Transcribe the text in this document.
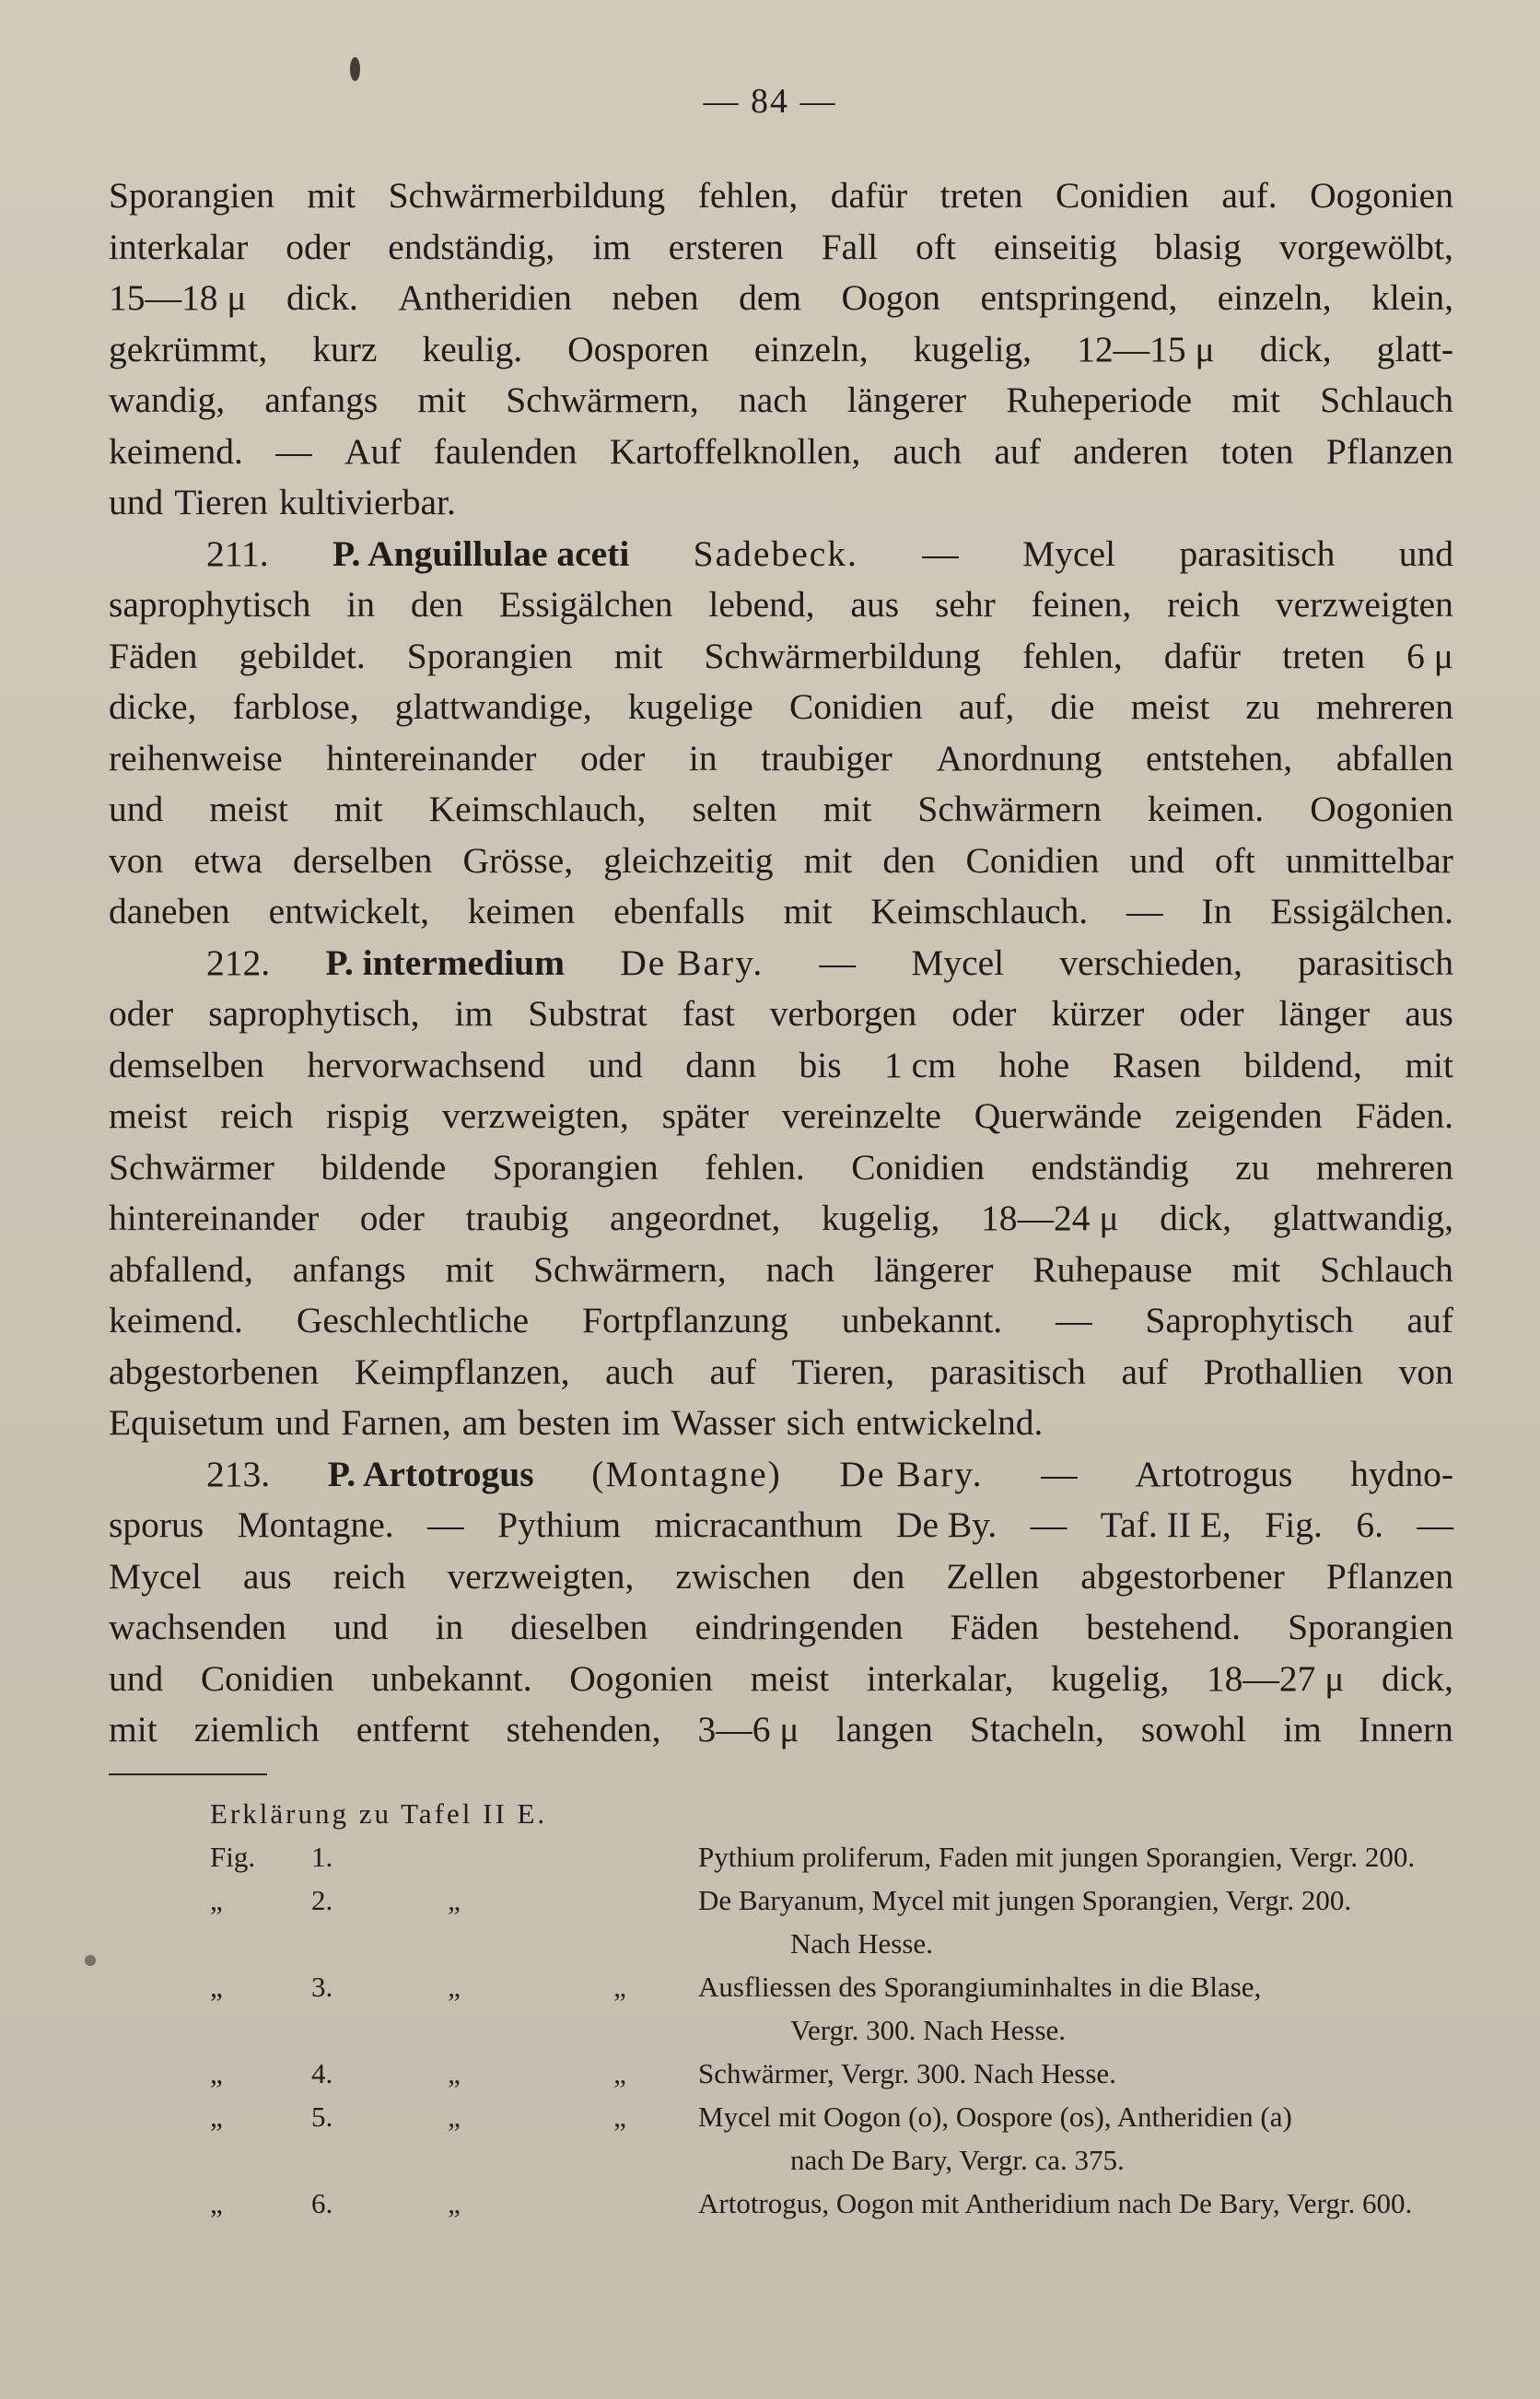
— 84 —
Sporangien mit Schwärmerbildung fehlen, dafür treten Conidien auf. Oogonien
interkalar oder endständig, im ersteren Fall oft einseitig blasig vorgewölbt,
15—18 μ dick. Antheridien neben dem Oogon entspringend, einzeln, klein,
gekrümmt, kurz keulig. Oosporen einzeln, kugelig, 12—15 μ dick, glatt-
wandig, anfangs mit Schwärmern, nach längerer Ruheperiode mit Schlauch
keimend. — Auf faulenden Kartoffelknollen, auch auf anderen toten Pflanzen
und Tieren kultivierbar.
211. P. Anguillulae aceti Sadebeck. — Mycel parasitisch und
saprophytisch in den Essigälchen lebend, aus sehr feinen, reich verzweigten
Fäden gebildet. Sporangien mit Schwärmerbildung fehlen, dafür treten 6 μ
dicke, farblose, glattwandige, kugelige Conidien auf, die meist zu mehreren
reihenweise hintereinander oder in traubiger Anordnung entstehen, abfallen
und meist mit Keimschlauch, selten mit Schwärmern keimen. Oogonien
von etwa derselben Grösse, gleichzeitig mit den Conidien und oft unmittelbar
daneben entwickelt, keimen ebenfalls mit Keimschlauch. — In Essigälchen.
212. P. intermedium De Bary. — Mycel verschieden, parasitisch
oder saprophytisch, im Substrat fast verborgen oder kürzer oder länger aus
demselben hervorwachsend und dann bis 1 cm hohe Rasen bildend, mit
meist reich rispig verzweigten, später vereinzelte Querwände zeigenden Fäden.
Schwärmer bildende Sporangien fehlen. Conidien endständig zu mehreren
hintereinander oder traubig angeordnet, kugelig, 18—24 μ dick, glattwandig,
abfallend, anfangs mit Schwärmern, nach längerer Ruhepause mit Schlauch
keimend. Geschlechtliche Fortpflanzung unbekannt. — Saprophytisch auf
abgestorbenen Keimpflanzen, auch auf Tieren, parasitisch auf Prothallien von
Equisetum und Farnen, am besten im Wasser sich entwickelnd.
213. P. Artotrogus (Montagne) De Bary. — Artotrogus hydno-
sporus Montagne. — Pythium micracanthum De By. — Taf. II E, Fig. 6. —
Mycel aus reich verzweigten, zwischen den Zellen abgestorbener Pflanzen
wachsenden und in dieselben eindringenden Fäden bestehend. Sporangien
und Conidien unbekannt. Oogonien meist interkalar, kugelig, 18—27 μ dick,
mit ziemlich entfernt stehenden, 3—6 μ langen Stacheln, sowohl im Innern
Erklärung zu Tafel II E.
Fig.	1.	Pythium proliferum, Faden mit jungen Sporangien, Vergr. 200.
„	2.	„	De Baryanum, Mycel mit jungen Sporangien, Vergr. 200.
Nach Hesse.
„	3.	„	„	Ausfliessen des Sporangiuminhaltes in die Blase,
Vergr. 300. Nach Hesse.
„	4.	„	„	Schwärmer, Vergr. 300. Nach Hesse.
„	5.	„	„	Mycel mit Oogon (o), Oospore (os), Antheridien (a)
nach De Bary, Vergr. ca. 375.
„	6.	„	Artotrogus, Oogon mit Antheridium nach De Bary, Vergr. 600.
